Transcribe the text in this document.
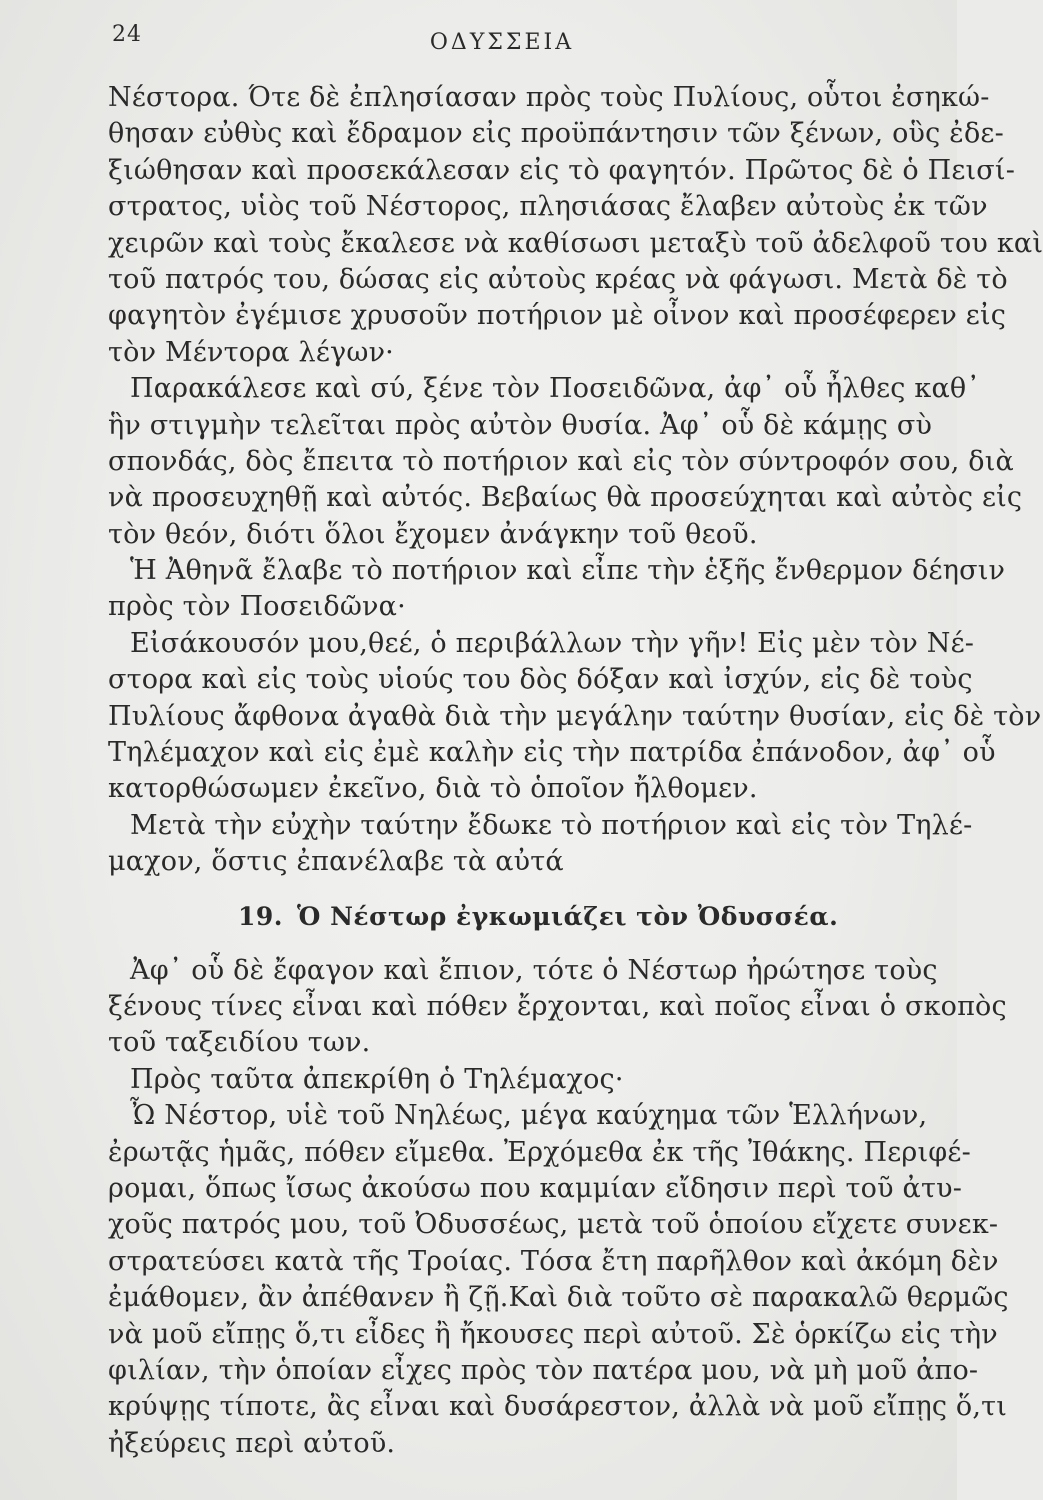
24	ΟΔΥΣΣΕΙΑ
Νέστορα. Ότε δὲ ἐπλησίασαν πρὸς τοὺς Πυλίους, οὗτοι ἐσηκώ-
θησαν εὐθὺς καὶ ἔδραμον εἰς προϋπάντησιν τῶν ξένων, οὓς ἐδε-
ξιώθησαν καὶ προσεκάλεσαν εἰς τὸ φαγητόν. Πρῶτος δὲ ὁ Πεισί-
στρατος, υἱὸς τοῦ Νέστορος, πλησιάσας ἔλαβεν αὐτοὺς ἐκ τῶν
χειρῶν καὶ τοὺς ἔκαλεσε νὰ καθίσωσι μεταξὺ τοῦ ἀδελφοῦ του καὶ
τοῦ πατρός του, δώσας εἰς αὐτοὺς κρέας νὰ φάγωσι. Μετὰ δὲ τὸ
φαγητὸν ἐγέμισε χρυσοῦν ποτήριον μὲ οἶνον καὶ προσέφερεν εἰς
τὸν Μέντορα λέγων·
Παρακάλεσε καὶ σύ, ξένε τὸν Ποσειδῶνα, ἀφ᾽ οὗ ἦλθες καθ᾽
ἣν στιγμὴν τελεῖται πρὸς αὐτὸν θυσία. Ἀφ᾽ οὗ δὲ κάμῃς σὺ
σπονδάς, δὸς ἔπειτα τὸ ποτήριον καὶ εἰς τὸν σύντροφόν σου, διὰ
νὰ προσευχηθῇ καὶ αὐτός. Βεβαίως θὰ προσεύχηται καὶ αὐτὸς εἰς
τὸν θεόν, διότι ὅλοι ἔχομεν ἀνάγκην τοῦ θεοῦ.
Ἡ Ἀθηνᾶ ἔλαβε τὸ ποτήριον καὶ εἶπε τὴν ἑξῆς ἔνθερμον δέησιν
πρὸς τὸν Ποσειδῶνα·
Εἰσάκουσόν μου,θεέ, ὁ περιβάλλων τὴν γῆν! Εἰς μὲν τὸν Νέ-
στορα καὶ εἰς τοὺς υἱούς του δὸς δόξαν καὶ ἰσχύν, εἰς δὲ τοὺς
Πυλίους ἄφθονα ἀγαθὰ διὰ τὴν μεγάλην ταύτην θυσίαν, εἰς δὲ τὸν
Τηλέμαχον καὶ εἰς ἐμὲ καλὴν εἰς τὴν πατρίδα ἐπάνοδον, ἀφ᾽ οὗ
κατορθώσωμεν ἐκεῖνο, διὰ τὸ ὁποῖον ἤλθομεν.
Μετὰ τὴν εὐχὴν ταύτην ἔδωκε τὸ ποτήριον καὶ εἰς τὸν Τηλέ-
μαχον, ὅστις ἐπανέλαβε τὰ αὐτά
19. Ὁ Νέστωρ ἐγκωμιάζει τὸν Ὀδυσσέα.
Ἀφ᾽ οὗ δὲ ἔφαγον καὶ ἔπιον, τότε ὁ Νέστωρ ἠρώτησε τοὺς
ξένους τίνες εἶναι καὶ πόθεν ἔρχονται, καὶ ποῖος εἶναι ὁ σκοπὸς
τοῦ ταξειδίου των.
Πρὸς ταῦτα ἀπεκρίθη ὁ Τηλέμαχος·
Ὦ Νέστορ, υἱὲ τοῦ Νηλέως, μέγα καύχημα τῶν Ἑλλήνων,
ἐρωτᾷς ἡμᾶς, πόθεν εἴμεθα. Ἐρχόμεθα ἐκ τῆς Ἰθάκης. Περιφέ-
ρομαι, ὅπως ἴσως ἀκούσω που καμμίαν εἴδησιν περὶ τοῦ ἀτυ-
χοῦς πατρός μου, τοῦ Ὀδυσσέως, μετὰ τοῦ ὁποίου εἴχετε συνεκ-
στρατεύσει κατὰ τῆς Τροίας. Τόσα ἔτη παρῆλθον καὶ ἀκόμη δὲν
ἐμάθομεν, ἂν ἀπέθανεν ἢ ζῇ.Καὶ διὰ τοῦτο σὲ παρακαλῶ θερμῶς
νὰ μοῦ εἴπῃς ὅ,τι εἶδες ἢ ἤκουσες περὶ αὐτοῦ. Σὲ ὁρκίζω εἰς τὴν
φιλίαν, τὴν ὁποίαν εἶχες πρὸς τὸν πατέρα μου, νὰ μὴ μοῦ ἀπο-
κρύψῃς τίποτε, ἂς εἶναι καὶ δυσάρεστον, ἀλλὰ νὰ μοῦ εἴπῃς ὅ,τι
ἠξεύρεις περὶ αὐτοῦ.
